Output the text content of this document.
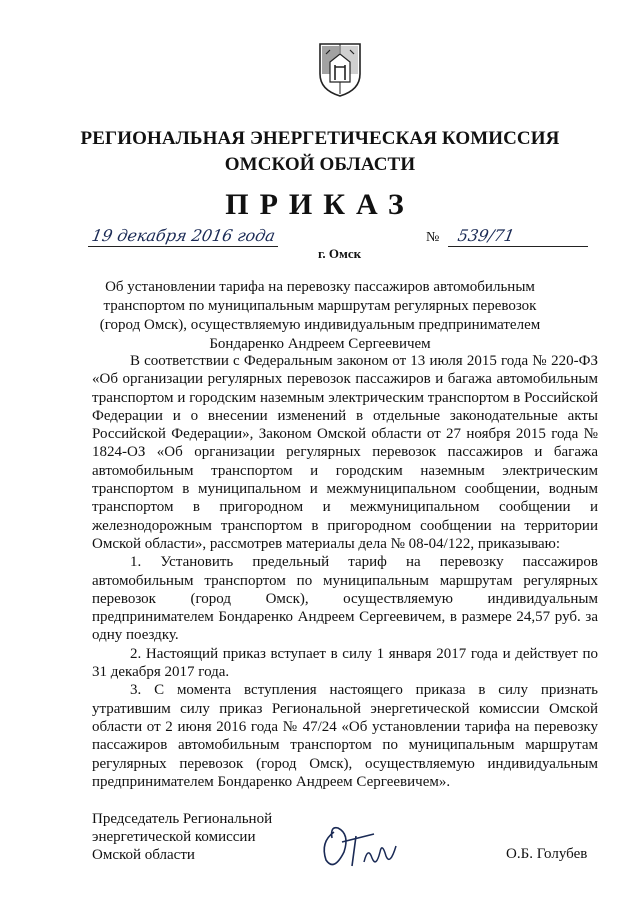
РЕГИОНАЛЬНАЯ ЭНЕРГЕТИЧЕСКАЯ КОМИССИЯ
ОМСКОЙ ОБЛАСТИ
ПРИКАЗ
19 декабря 2016 года
г. Омск
№ 539/71
Об установлении тарифа на перевозку пассажиров автомобильным транспортом по муниципальным маршрутам регулярных перевозок (город Омск), осуществляемую индивидуальным предпринимателем Бондаренко Андреем Сергеевичем

В соответствии с Федеральным законом от 13 июля 2015 года № 220-ФЗ «Об организации регулярных перевозок пассажиров и багажа автомобильным транспортом и городским наземным электрическим транспортом в Российской Федерации и о внесении изменений в отдельные законодательные акты Российской Федерации», Законом Омской области от 27 ноября 2015 года № 1824-ОЗ «Об организации регулярных перевозок пассажиров и багажа автомобильным транспортом и городским наземным электрическим транспортом в муниципальном и межмуниципальном сообщении, водным транспортом в пригородном и межмуниципальном сообщении и железнодорожным транспортом в пригородном сообщении на территории Омской области», рассмотрев материалы дела № 08-04/122, приказываю:

1. Установить предельный тариф на перевозку пассажиров автомобильным транспортом по муниципальным маршрутам регулярных перевозок (город Омск), осуществляемую индивидуальным предпринимателем Бондаренко Андреем Сергеевичем, в размере 24,57 руб. за одну поездку.

2. Настоящий приказ вступает в силу 1 января 2017 года и действует по 31 декабря 2017 года.

3. С момента вступления настоящего приказа в силу признать утратившим силу приказ Региональной энергетической комиссии Омской области от 2 июня 2016 года № 47/24 «Об установлении тарифа на перевозку пассажиров автомобильным транспортом по муниципальным маршрутам регулярных перевозок (город Омск), осуществляемую индивидуальным предпринимателем Бондаренко Андреем Сергеевичем».

Председатель Региональной
энергетической комиссии
Омской области	О.Б. Голубев
